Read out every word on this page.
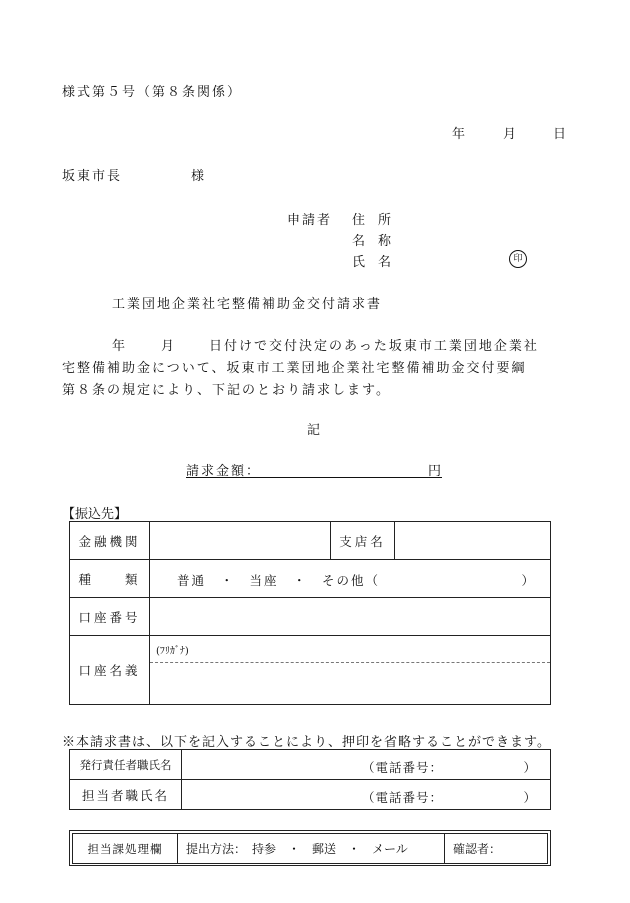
様式第５号（第８条関係）
年	月	日
坂東市長	様
申請者 住　所
名　称
氏　名	印
工業団地企業社宅整備補助金交付請求書
年	月	日付けで交付決定のあった坂東市工業団地企業社
宅整備補助金について、坂東市工業団地企業社宅整備補助金交付要綱
第８条の規定により、下記のとおり請求します。
記
請求金額：	円
【振込先】
金融機関		支店名	
種　　類	普通　・　当座　・　その他（ ）		

口座番号			
口座名義	(ﾌﾘｶﾞﾅ)		
※本請求書は、以下を記入することにより、押印を省略することができます。
発行責任者職氏名	（電話番号： ）

担当者職氏名	（電話番号： ）
担当課処理欄	提出方法：　持参　・　郵送　・　メール	確認者：
